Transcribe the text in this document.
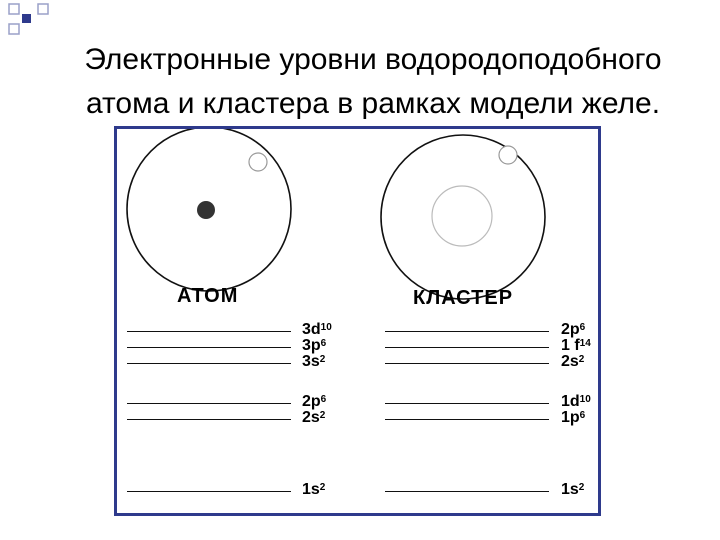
Электронные уровни водородоподобного
атома и кластера в рамках модели желе.
АТОМ	КЛАСТЕР
$3d^{10}$
$3p^6$
$3s^2$
$2p^6$
$2s^2$
$1s^2$
$2p^6$
1 $f^{14}$
$2s^2$
$1d^{10}$
$1p^6$
$1s^2$
